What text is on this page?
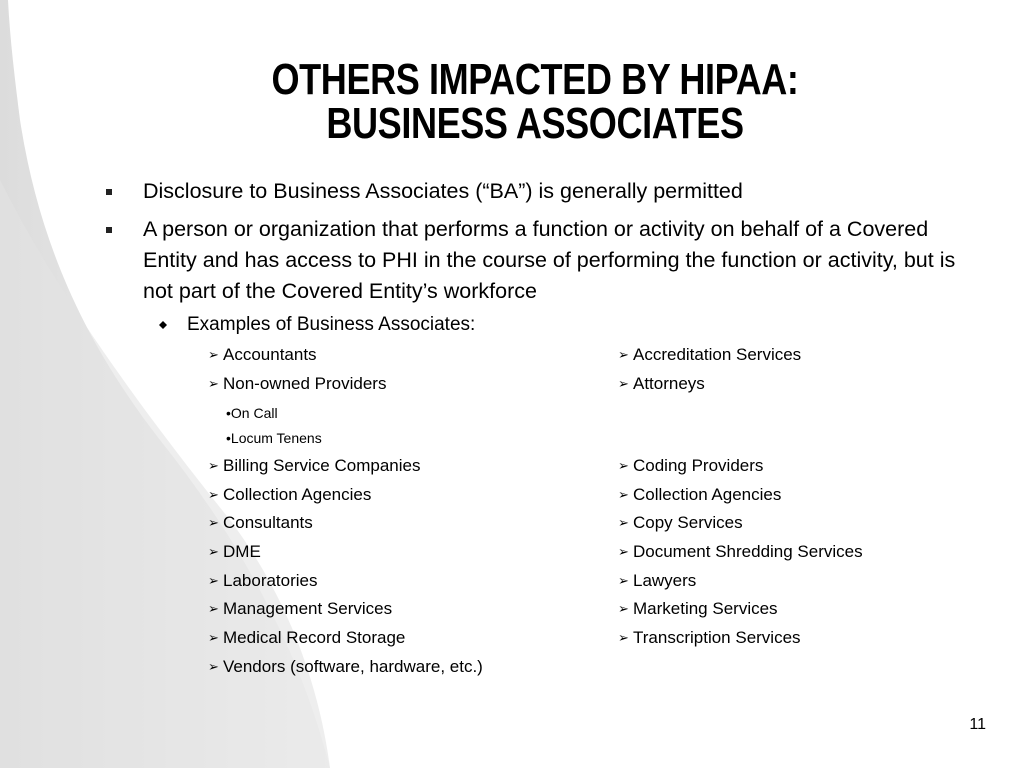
OTHERS IMPACTED BY HIPAA:
BUSINESS ASSOCIATES
Disclosure to Business Associates (“BA”) is generally permitted
A person or organization that performs a function or activity on behalf of a Covered Entity and has access to PHI in the course of performing the function or activity, but is not part of the Covered Entity’s workforce
Examples of Business Associates:
➢ Accountants
➢ Non-owned Providers
•On Call
•Locum Tenens
➢ Billing Service Companies
➢ Collection Agencies
➢ Consultants
➢ DME
➢ Laboratories
➢ Management Services
➢ Medical Record Storage
➢ Vendors (software, hardware, etc.)
➢ Accreditation Services
➢ Attorneys
➢ Coding Providers
➢ Collection Agencies
➢ Copy Services
➢ Document Shredding Services
➢ Lawyers
➢ Marketing Services
➢ Transcription Services
11
